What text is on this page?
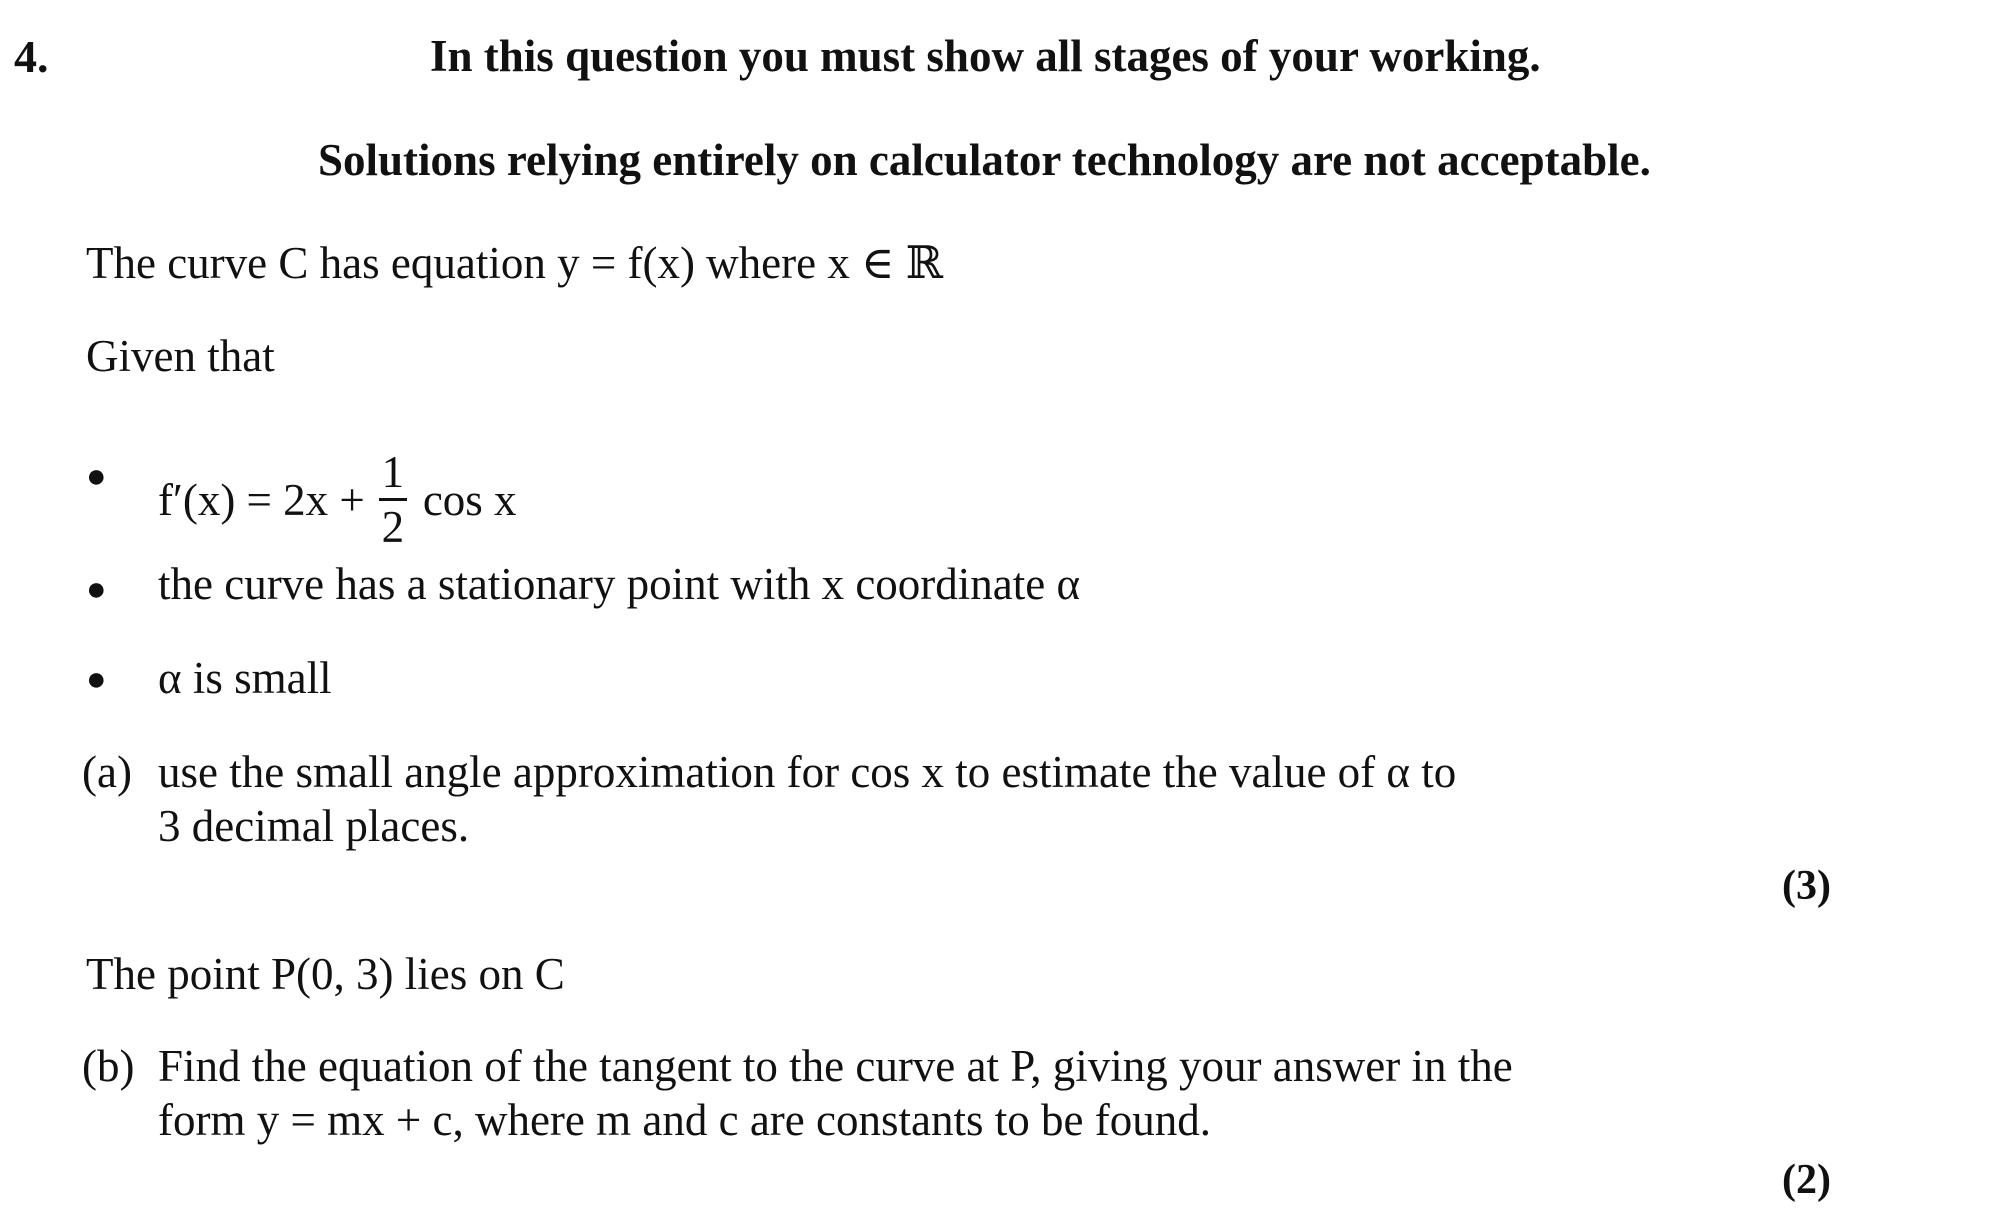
4.	In this question you must show all stages of your working.
Solutions relying entirely on calculator technology are not acceptable.
The curve C has equation y = f(x) where x ∈ ℝ
Given that
● $f'(x) = 2x + \frac{1}{2}$ cos x
● the curve has a stationary point with x coordinate α
● α is small
(a) use the small angle approximation for cos x to estimate the value of α to
3 decimal places.
(3)
The point P(0, 3) lies on C
(b) Find the equation of the tangent to the curve at P, giving your answer in the
form y = mx + c, where m and c are constants to be found.
(2)
